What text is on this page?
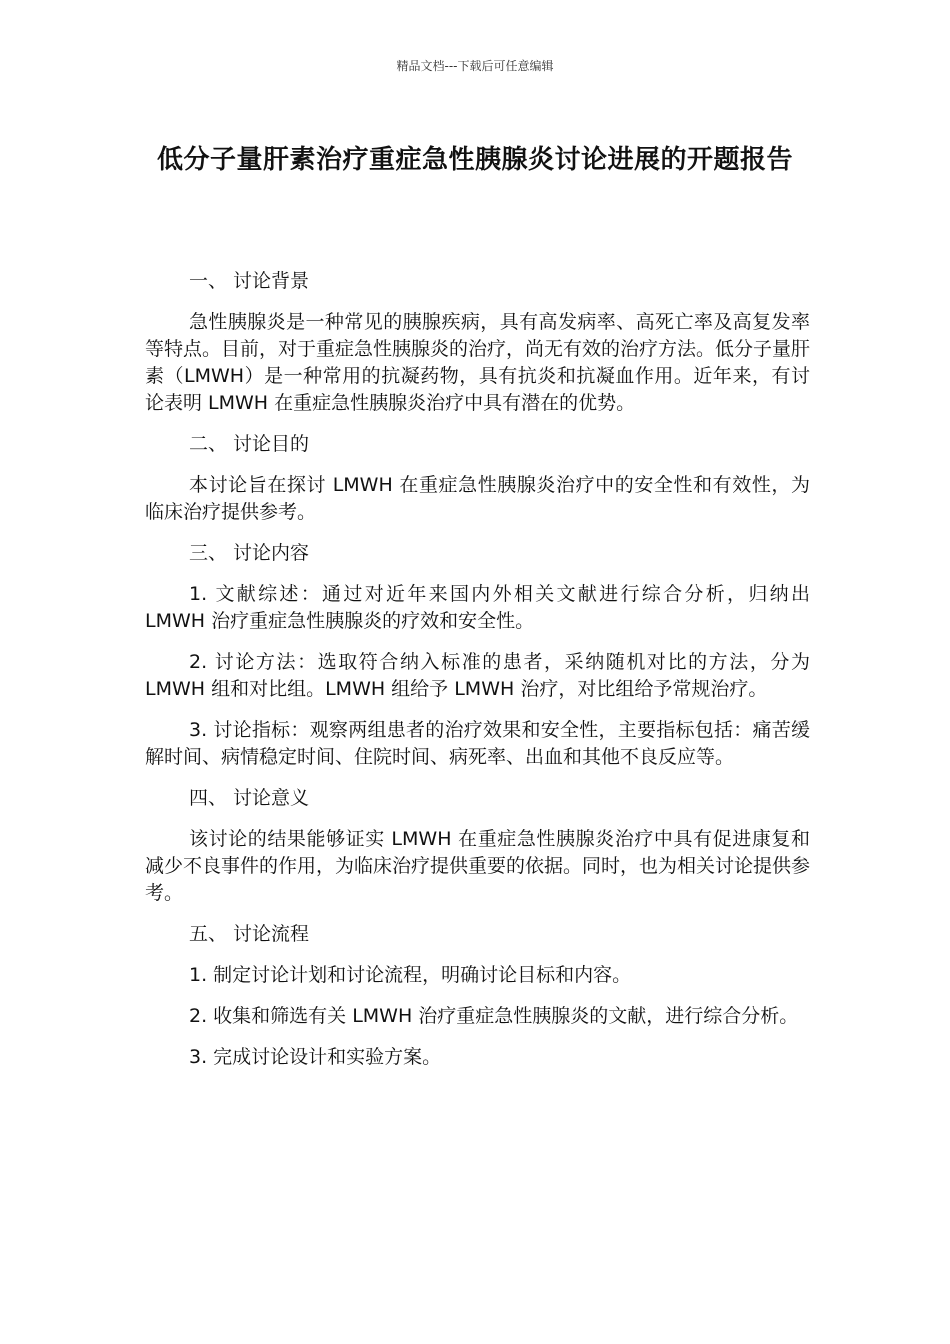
精品文档---下载后可任意编辑
低分子量肝素治疗重症急性胰腺炎讨论进展的开题报告

一、 讨论背景

急性胰腺炎是一种常见的胰腺疾病，具有高发病率、高死亡率及高复发率等特点。目前，对于重症急性胰腺炎的治疗，尚无有效的治疗方法。低分子量肝素（LMWH）是一种常用的抗凝药物，具有抗炎和抗凝血作用。近年来，有讨论表明 LMWH 在重症急性胰腺炎治疗中具有潜在的优势。

二、 讨论目的

本讨论旨在探讨 LMWH 在重症急性胰腺炎治疗中的安全性和有效性，为临床治疗提供参考。

三、 讨论内容

1. 文献综述：通过对近年来国内外相关文献进行综合分析，归纳出 LMWH 治疗重症急性胰腺炎的疗效和安全性。

2. 讨论方法：选取符合纳入标准的患者，采纳随机对比的方法，分为 LMWH 组和对比组。LMWH 组给予 LMWH 治疗，对比组给予常规治疗。

3. 讨论指标：观察两组患者的治疗效果和安全性，主要指标包括：痛苦缓解时间、病情稳定时间、住院时间、病死率、出血和其他不良反应等。

四、 讨论意义

该讨论的结果能够证实 LMWH 在重症急性胰腺炎治疗中具有促进康复和减少不良事件的作用，为临床治疗提供重要的依据。同时，也为相关讨论提供参考。

五、 讨论流程

1. 制定讨论计划和讨论流程，明确讨论目标和内容。

2. 收集和筛选有关 LMWH 治疗重症急性胰腺炎的文献，进行综合分析。

3. 完成讨论设计和实验方案。
